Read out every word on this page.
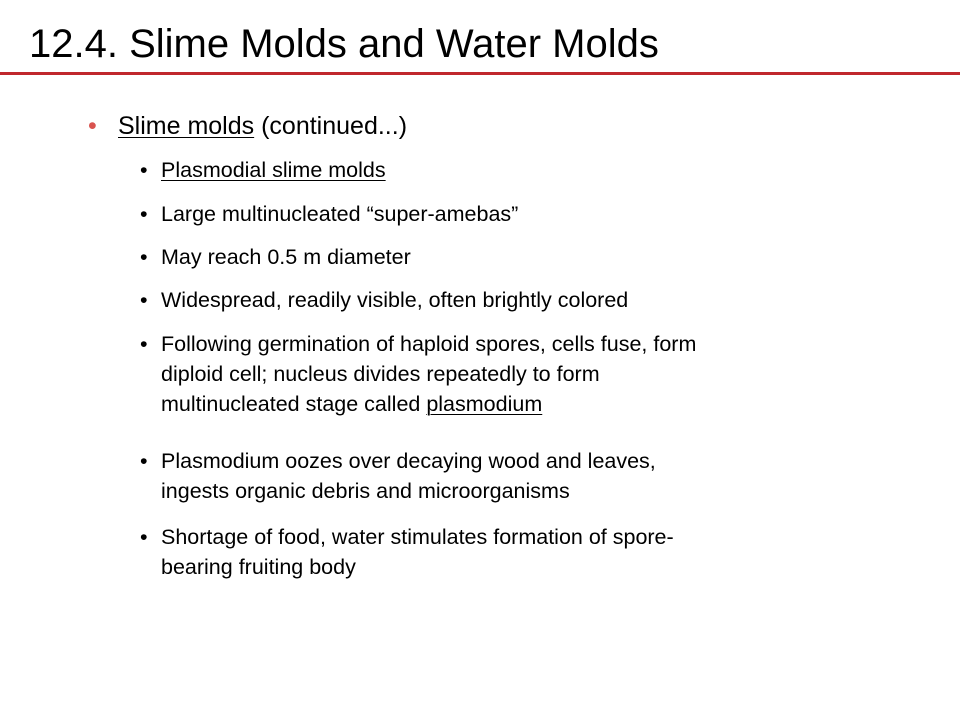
12.4. Slime Molds and Water Molds
• Slime molds (continued...)
• Plasmodial slime molds
• Large multinucleated “super-amebas”
• May reach 0.5 m diameter
• Widespread, readily visible, often brightly colored
• Following germination of haploid spores, cells fuse, form
diploid cell; nucleus divides repeatedly to form
multinucleated stage called plasmodium
• Plasmodium oozes over decaying wood and leaves,
ingests organic debris and microorganisms
• Shortage of food, water stimulates formation of spore-
bearing fruiting body
